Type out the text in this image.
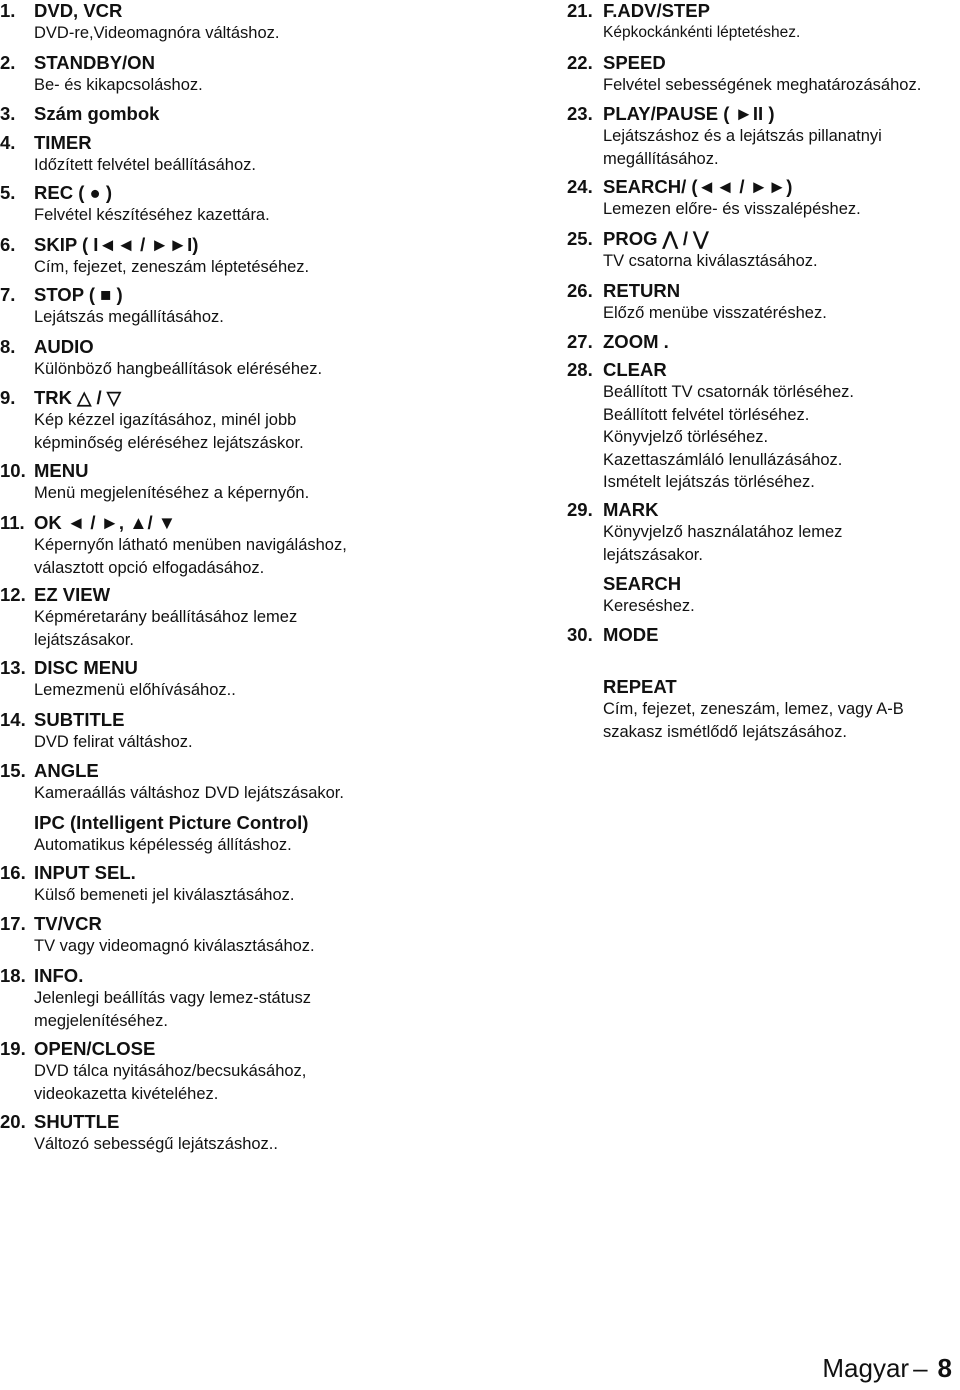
1. DVD, VCR
DVD-re,Videomagnóra váltáshoz.
2. STANDBY/ON
Be- és kikapcsoláshoz.
3. Szám gombok
4. TIMER
Időzített felvétel beállításához.
5. REC ( ● )
Felvétel készítéséhez kazettára.
6. SKIP ( I◄◄ / ►►I)
Cím, fejezet, zeneszám léptetéséhez.
7. STOP ( ■ )
Lejátszás megállításához.
8. AUDIO
Különböző hangbeállítások eléréséhez.
9. TRK △ / ▽
Kép kézzel igazításához, minél jobb
képminőség eléréséhez lejátszáskor.
10. MENU
Menü megjelenítéséhez a képernyőn.
11. OK ◄ / ►, ▲/ ▼
Képernyőn látható menüben navigáláshoz,
választott opció elfogadásához.
12. EZ VIEW
Képméretarány beállításához lemez
lejátszásakor.
13. DISC MENU
Lemezmenü előhívásához..
14. SUBTITLE
DVD felirat váltáshoz.
15. ANGLE
Kameraállás váltáshoz DVD lejátszásakor.
IPC (Intelligent Picture Control)
Automatikus képélesség állításhoz.
16. INPUT SEL.
Külső bemeneti jel kiválasztásához.
17. TV/VCR
TV vagy videomagnó kiválasztásához.
18. INFO.
Jelenlegi beállítás vagy lemez-státusz
megjelenítéséhez.
19. OPEN/CLOSE
DVD tálca nyitásához/becsukásához,
videokazetta kivételéhez.
20. SHUTTLE
Változó sebességű lejátszáshoz..
21. F.ADV/STEP
Képkockánkénti léptetéshez.
22. SPEED
Felvétel sebességének meghatározásához.
23. PLAY/PAUSE ( ►II )
Lejátszáshoz és a lejátszás pillanatnyi
megállításához.
24. SEARCH/ (◄◄ / ►►)
Lemezen előre- és visszalépéshez.
25. PROG ⋀ / ⋁
TV csatorna kiválasztásához.
26. RETURN
Előző menübe visszatéréshez.
27. ZOOM .
28. CLEAR
Beállított TV csatornák törléséhez.
Beállított felvétel törléséhez.
Könyvjelző törléséhez.
Kazettaszámláló lenullázásához.
Ismételt lejátszás törléséhez.
29. MARK
Könyvjelző használatához lemez
lejátszásakor.
SEARCH
Kereséshez.
30. MODE
REPEAT
Cím, fejezet, zeneszám, lemez, vagy A-B
szakasz ismétlődő lejátszásához.
Magyar – 8
